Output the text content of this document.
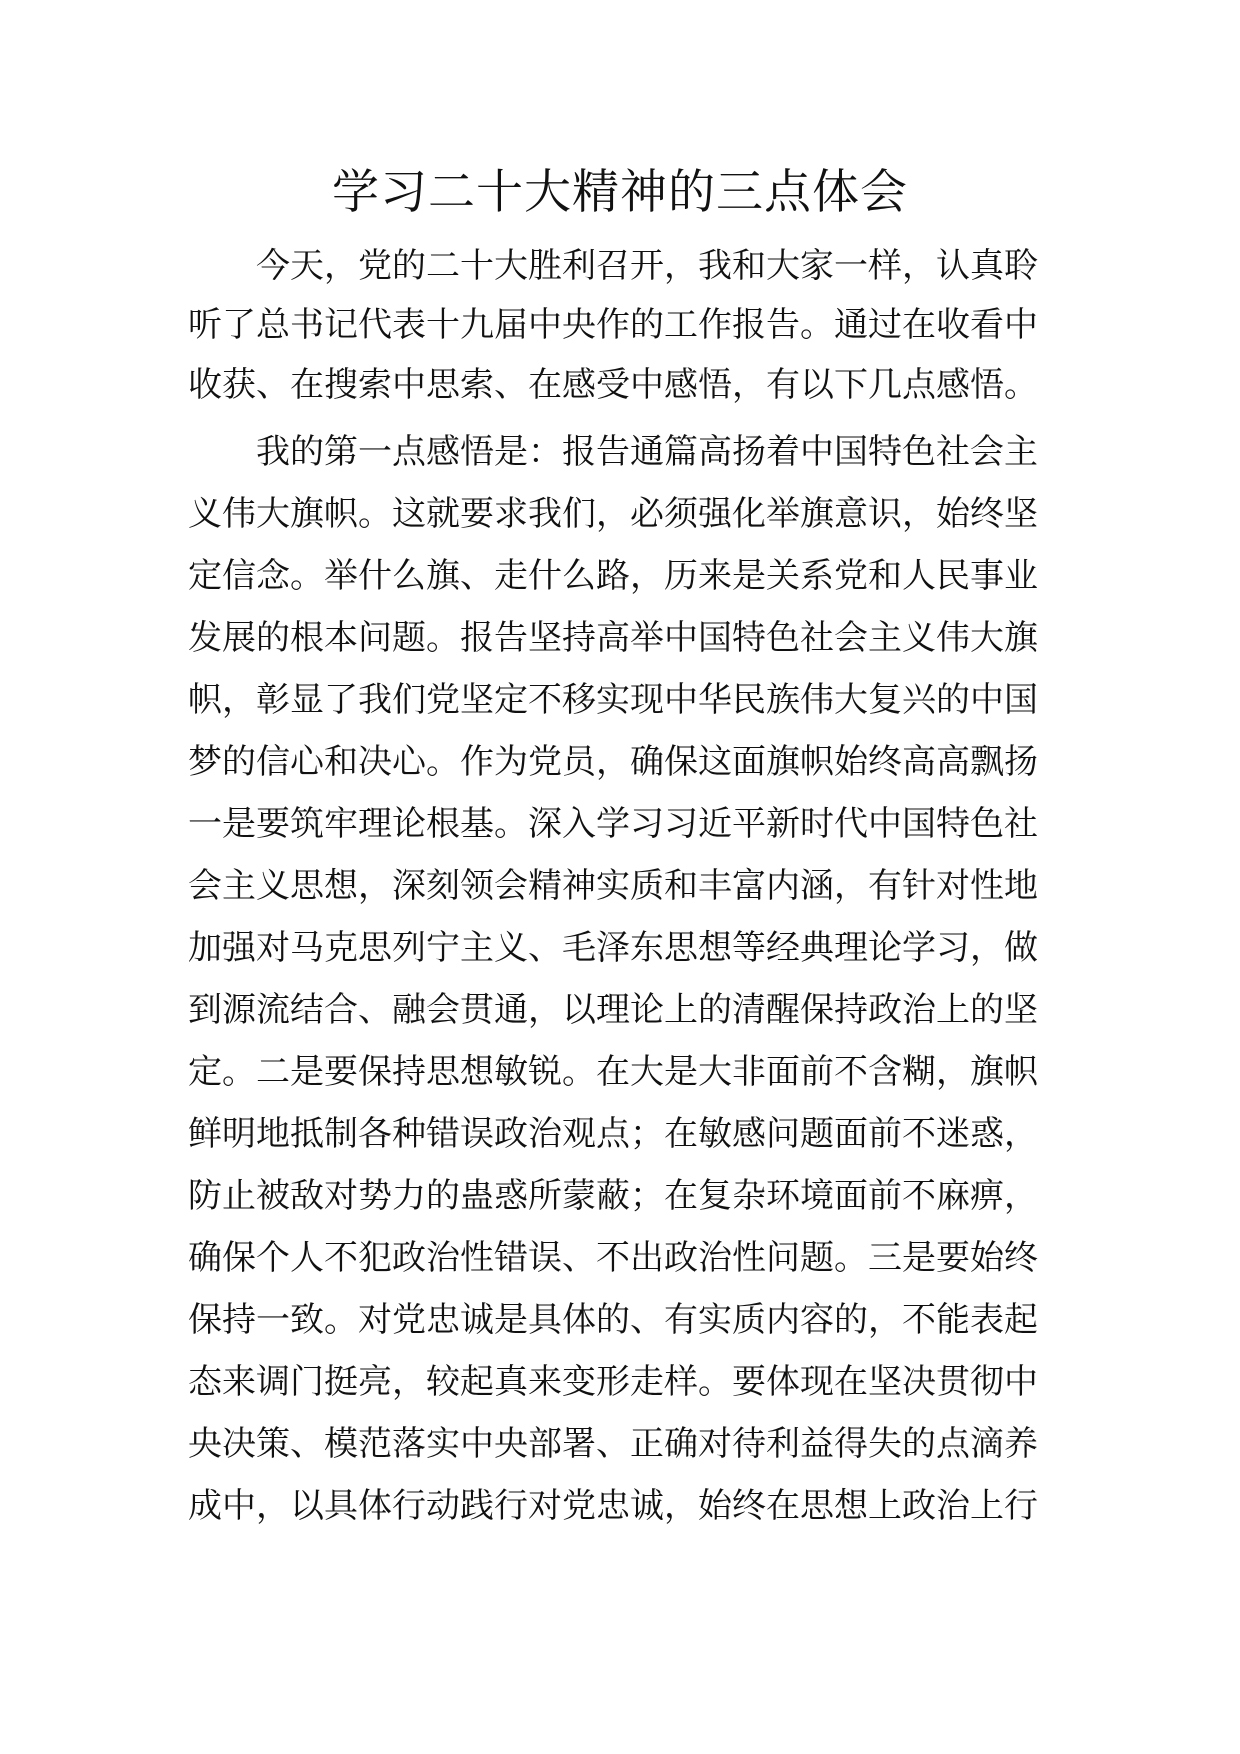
学习二十大精神的三点体会
今天，党的二十大胜利召开，我和大家一样，认真聆
听了总书记代表十九届中央作的工作报告。通过在收看中
收获、在搜索中思索、在感受中感悟，有以下几点感悟。
我的第一点感悟是：报告通篇高扬着中国特色社会主
义伟大旗帜。这就要求我们，必须强化举旗意识，始终坚
定信念。举什么旗、走什么路，历来是关系党和人民事业
发展的根本问题。报告坚持高举中国特色社会主义伟大旗
帜，彰显了我们党坚定不移实现中华民族伟大复兴的中国
梦的信心和决心。作为党员，确保这面旗帜始终高高飘扬
一是要筑牢理论根基。深入学习习近平新时代中国特色社
会主义思想，深刻领会精神实质和丰富内涵，有针对性地
加强对马克思列宁主义、毛泽东思想等经典理论学习，做
到源流结合、融会贯通，以理论上的清醒保持政治上的坚
定。二是要保持思想敏锐。在大是大非面前不含糊，旗帜
鲜明地抵制各种错误政治观点；在敏感问题面前不迷惑，
防止被敌对势力的蛊惑所蒙蔽；在复杂环境面前不麻痹，
确保个人不犯政治性错误、不出政治性问题。三是要始终
保持一致。对党忠诚是具体的、有实质内容的，不能表起
态来调门挺亮，较起真来变形走样。要体现在坚决贯彻中
央决策、模范落实中央部署、正确对待利益得失的点滴养
成中，以具体行动践行对党忠诚，始终在思想上政治上行
